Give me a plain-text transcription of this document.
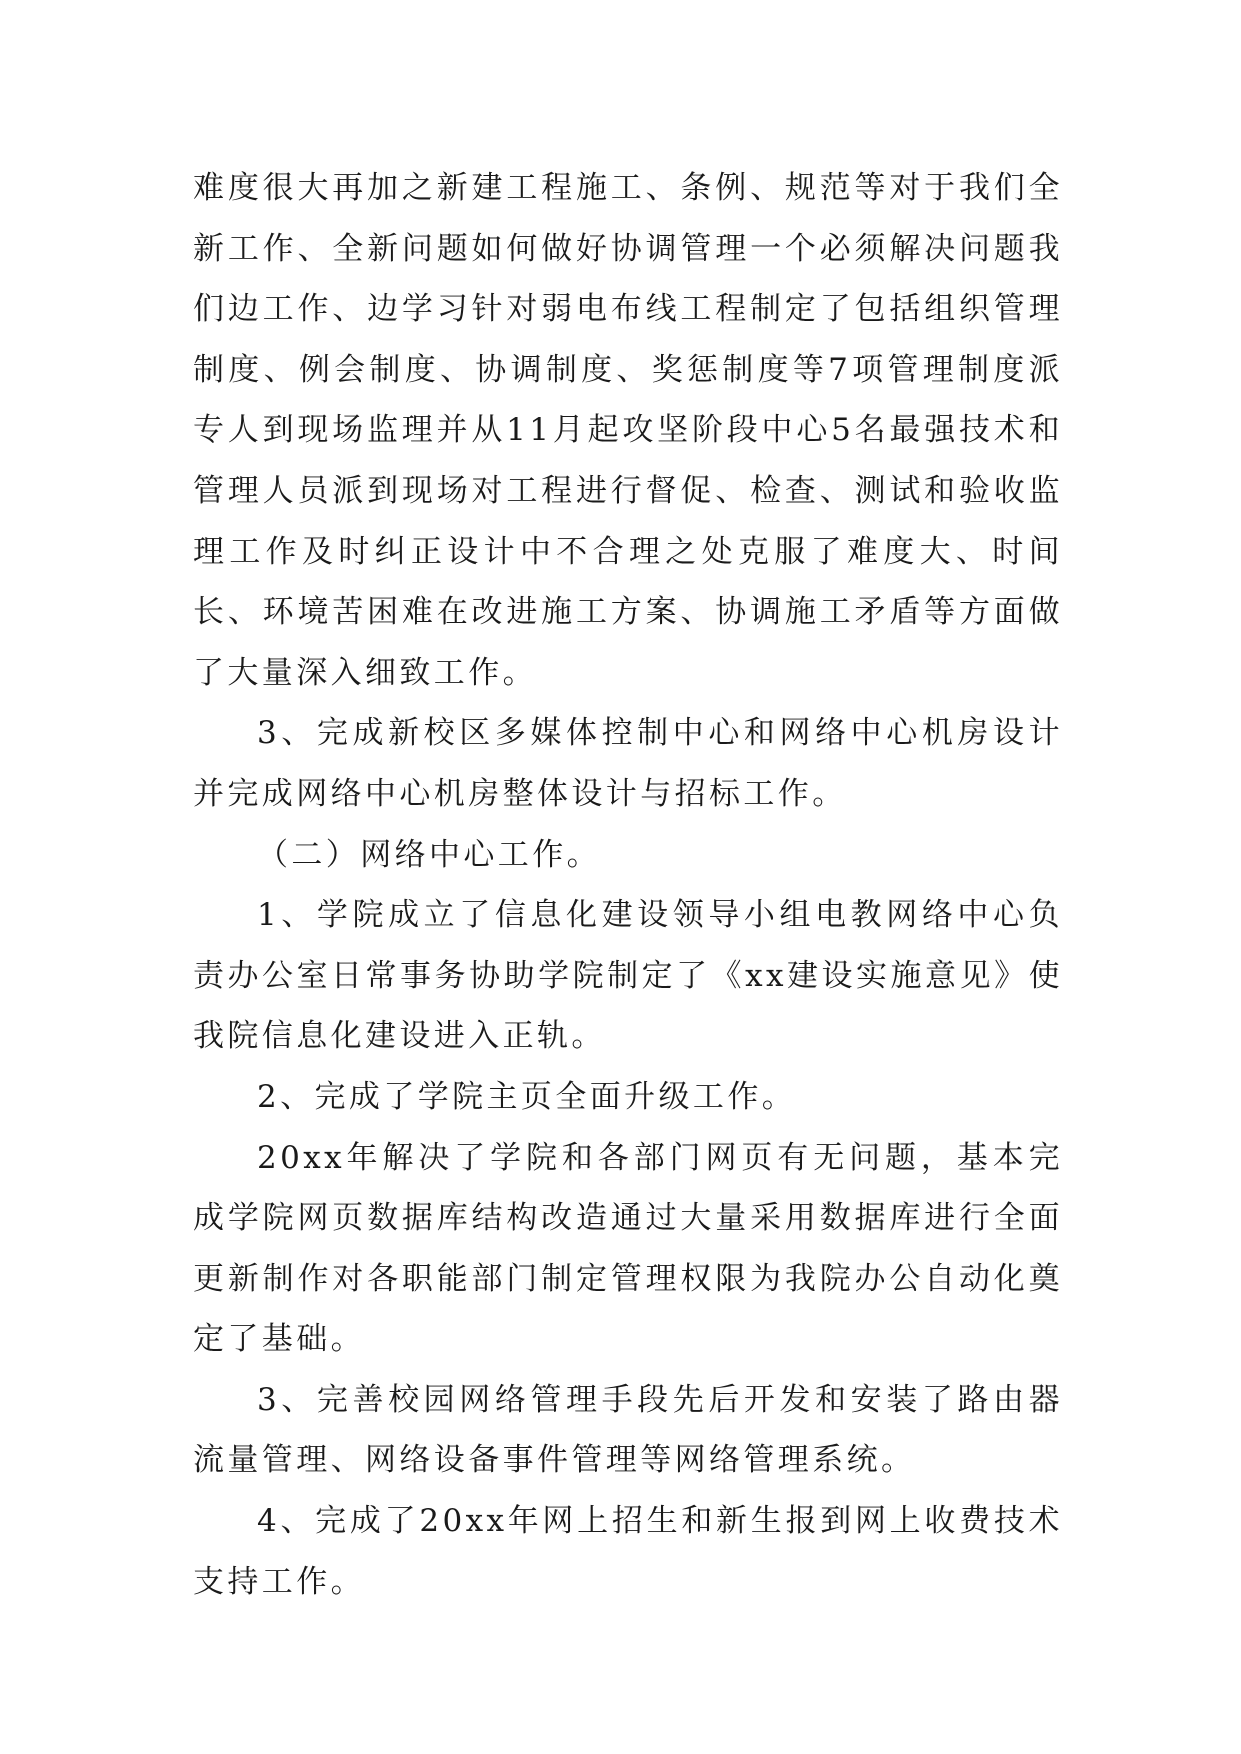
难度很大再加之新建工程施工、条例、规范等对于我们全新工作、全新问题如何做好协调管理一个必须解决问题我们边工作、边学习针对弱电布线工程制定了包括组织管理制度、例会制度、协调制度、奖惩制度等7项管理制度派专人到现场监理并从11月起攻坚阶段中心5名最强技术和管理人员派到现场对工程进行督促、检查、测试和验收监理工作及时纠正设计中不合理之处克服了难度大、时间长、环境苦困难在改进施工方案、协调施工矛盾等方面做了大量深入细致工作。

3、完成新校区多媒体控制中心和网络中心机房设计并完成网络中心机房整体设计与招标工作。

（二）网络中心工作。

1、学院成立了信息化建设领导小组电教网络中心负责办公室日常事务协助学院制定了《xx建设实施意见》使我院信息化建设进入正轨。

2、完成了学院主页全面升级工作。

20xx年解决了学院和各部门网页有无问题，基本完成学院网页数据库结构改造通过大量采用数据库进行全面更新制作对各职能部门制定管理权限为我院办公自动化奠定了基础。

3、完善校园网络管理手段先后开发和安装了路由器流量管理、网络设备事件管理等网络管理系统。

4、完成了20xx年网上招生和新生报到网上收费技术支持工作。
